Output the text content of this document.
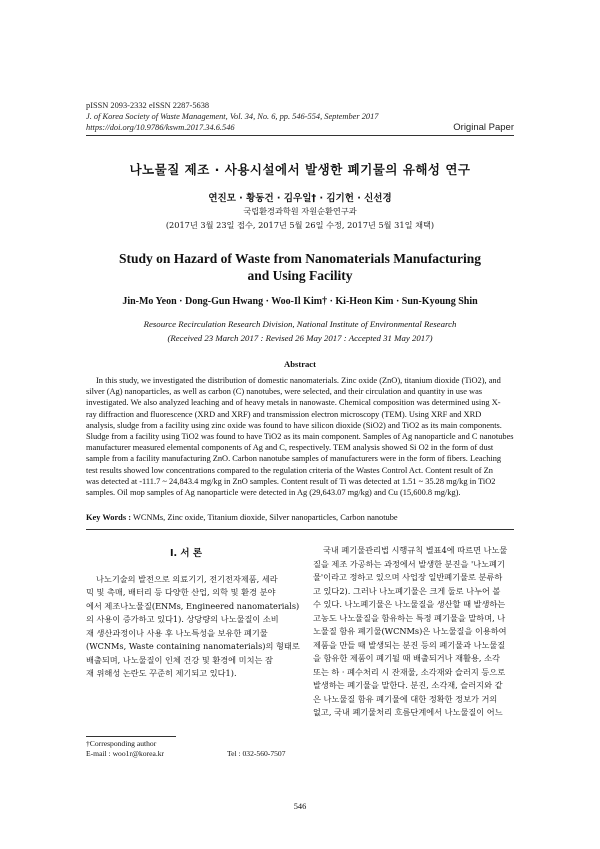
pISSN 2093-2332 eISSN 2287-5638
J. of Korea Society of Waste Management, Vol. 34, No. 6, pp. 546-554, September 2017
https://doi.org/10.9786/kswm.2017.34.6.546	Original Paper
나노물질 제조 · 사용시설에서 발생한 폐기물의 유해성 연구
연진모 · 황동건 · 김우일† · 김기헌 · 신선경
국립환경과학원 자원순환연구과
(2017년 3월 23일 접수, 2017년 5월 26일 수정, 2017년 5월 31일 채택)
Study on Hazard of Waste from Nanomaterials Manufacturing
and Using Facility
Jin-Mo Yeon · Dong-Gun Hwang · Woo-Il Kim† · Ki-Heon Kim · Sun-Kyoung Shin
Resource Recirculation Research Division, National Institute of Environmental Research
(Received 23 March 2017 : Revised 26 May 2017 : Accepted 31 May 2017)
Abstract
In this study, we investigated the distribution of domestic nanomaterials. Zinc oxide (ZnO), titanium dioxide (TiO2), and
silver (Ag) nanoparticles, as well as carbon (C) nanotubes, were selected, and their circulation and quantity in use was
investigated. We also analyzed leaching and of heavy metals in nanowaste. Chemical composition was determined using X-
ray diffraction and fluorescence (XRD and XRF) and transmission electron microscopy (TEM). Using XRF and XRD
analysis, sludge from a facility using zinc oxide was found to have silicon dioxide (SiO2) and TiO2 as its main components.
Sludge from a facility using TiO2 was found to have TiO2 as its main component. Samples of Ag nanoparticle and C nanotubes
manufacturer measured elemental components of Ag and C, respectively. TEM analysis showed Si O2 in the form of dust
sample from a facility manufacturing ZnO. Carbon nanotube samples of manufacturers were in the form of fibers. Leaching
test results showed low concentrations compared to the regulation criteria of the Wastes Control Act. Content result of Zn
was detected at -111.7 ~ 24,843.4 mg/kg in ZnO samples. Content result of Ti was detected at 1.51 ~ 35.28 mg/kg in TiO2
samples. Oil mop samples of Ag nanoparticle were detected in Ag (29,643.07 mg/kg) and Cu (15,600.8 mg/kg).
Key Words : WCNMs, Zinc oxide, Titanium dioxide, Silver nanoparticles, Carbon nanotube
I. 서 론
나노기술의 발전으로 의료기기, 전기전자제품, 세라
믹 및 촉매, 배터리 등 다양한 산업, 의학 및 환경 분야
에서 제조나노물질(ENMs, Engineered nanomaterials)
의 사용이 증가하고 있다1). 상당량의 나노물질이 소비
재 생산과정이나 사용 후 나노특성을 보유한 폐기물
(WCNMs, Waste containing nanomaterials)의 형태로
배출되며, 나노물질이 인체 건강 및 환경에 미치는 잠
재 위해성 논란도 꾸준히 제기되고 있다1).
국내 폐기물관리법 시행규칙 별표4에 따르면 나노물
질을 제조 가공하는 과정에서 발생한 분진을 '나노폐기
물'이라고 정하고 있으며 사업장 일반폐기물로 분류하
고 있다2). 그러나 나노폐기물은 크게 둘로 나누어 볼
수 있다. 나노폐기물은 나노물질을 생산할 때 발생하는
고농도 나노물질을 함유하는 특정 폐기물을 말하며, 나
노물질 함유 폐기물(WCNMs)은 나노물질을 이용하여
제품을 만들 때 발생되는 분진 등의 폐기물과 나노물질
을 함유한 제품이 폐기될 때 배출되거나 재활용, 소각
또는 하 · 폐수처리 시 잔재물, 소각재와 슬러지 등으로
발생하는 폐기물을 말한다. 분진, 소각재, 슬러지와 같
은 나노물질 함유 폐기물에 대한 정확한 정보가 거의
없고, 국내 폐기물처리 흐름단계에서 나노물질이 어느
†Corresponding author
E-mail : woo1r@korea.kr	Tel : 032-560-7507
546
